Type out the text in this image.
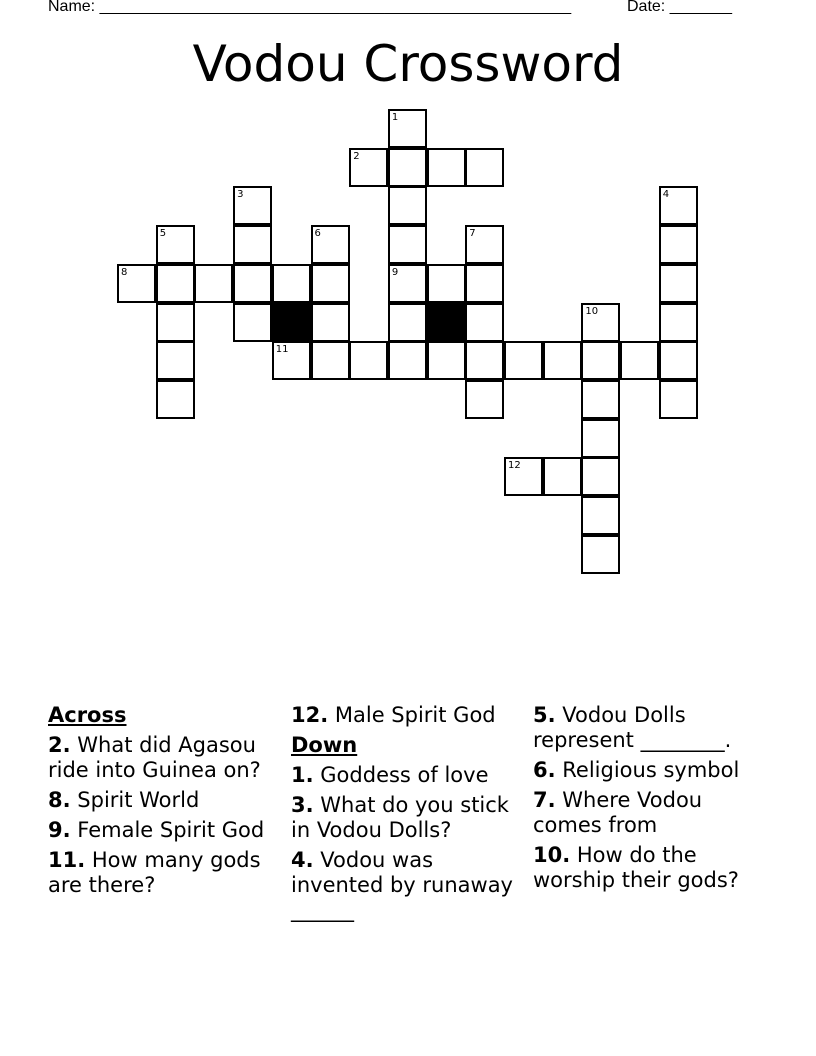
Name: _____________________________________________________	Date: _______
Vodou Crossword
1
2
3	4
5	6	7
8	9
10
11
12
Across
2. What did Agasou ride into Guinea on?
8. Spirit World
9. Female Spirit God
11. How many gods are there?
12. Male Spirit God
Down
1. Goddess of love
3. What do you stick in Vodou Dolls?
4. Vodou was invented by runaway ______
5. Vodou Dolls represent ________.
6. Religious symbol
7. Where Vodou comes from
10. How do the worship their gods?
